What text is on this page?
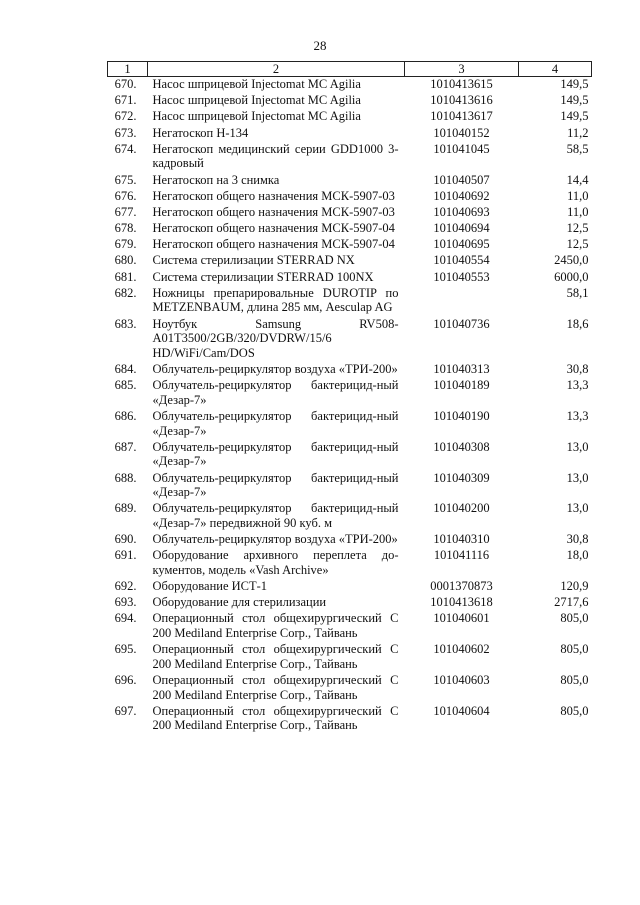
28
1	2	3	4
670.	Насос шприцевой Injectomat MC Agilia	1010413615	149,5
671.	Насос шприцевой Injectomat MC Agilia	1010413616	149,5
672.	Насос шприцевой Injectomat MC Agilia	1010413617	149,5
673.	Негатоскоп Н-134	101040152	11,2
674.	Негатоскоп медицинский серии GDD1000 3-кадровый	101041045	58,5
675.	Негатоскоп на 3 снимка	101040507	14,4
676.	Негатоскоп общего назначения МСК-5907-03	101040692	11,0
677.	Негатоскоп общего назначения МСК-5907-03	101040693	11,0
678.	Негатоскоп общего назначения МСК-5907-04	101040694	12,5
679.	Негатоскоп общего назначения МСК-5907-04	101040695	12,5
680.	Система стерилизации STERRAD NX	101040554	2450,0
681.	Система стерилизации STERRAD 100NX	101040553	6000,0
682.	Ножницы препарировальные DUROTIP по METZENBAUM, длина 285 мм, Aesculap AG		58,1
683.	Ноутбук Samsung RV508-A01T3500/2GB/320/DVDRW/15/6 HD/WiFi/Cam/DOS	101040736	18,6
684.	Облучатель-рециркулятор воздуха «ТРИ-200»	101040313	30,8
685.	Облучатель-рециркулятор бактерицид-ный «Дезар-7»	101040189	13,3
686.	Облучатель-рециркулятор бактерицид-ный «Дезар-7»	101040190	13,3
687.	Облучатель-рециркулятор бактерицид-ный «Дезар-7»	101040308	13,0
688.	Облучатель-рециркулятор бактерицид-ный «Дезар-7»	101040309	13,0
689.	Облучатель-рециркулятор бактерицид-ный «Дезар-7» передвижной 90 куб. м	101040200	13,0
690.	Облучатель-рециркулятор воздуха «ТРИ-200»	101040310	30,8
691.	Оборудование архивного переплета до-кументов, модель «Vash Archive»	101041116	18,0
692.	Оборудование ИСТ-1	0001370873	120,9
693.	Оборудование для стерилизации	1010413618	2717,6
694.	Операционный стол общехирургический С 200 Mediland Enterprise Corp., Тайвань	101040601	805,0
695.	Операционный стол общехирургический С 200 Mediland Enterprise Corp., Тайвань	101040602	805,0
696.	Операционный стол общехирургический С 200 Mediland Enterprise Corp., Тайвань	101040603	805,0
697.	Операционный стол общехирургический С 200 Mediland Enterprise Corp., Тайвань	101040604	805,0
